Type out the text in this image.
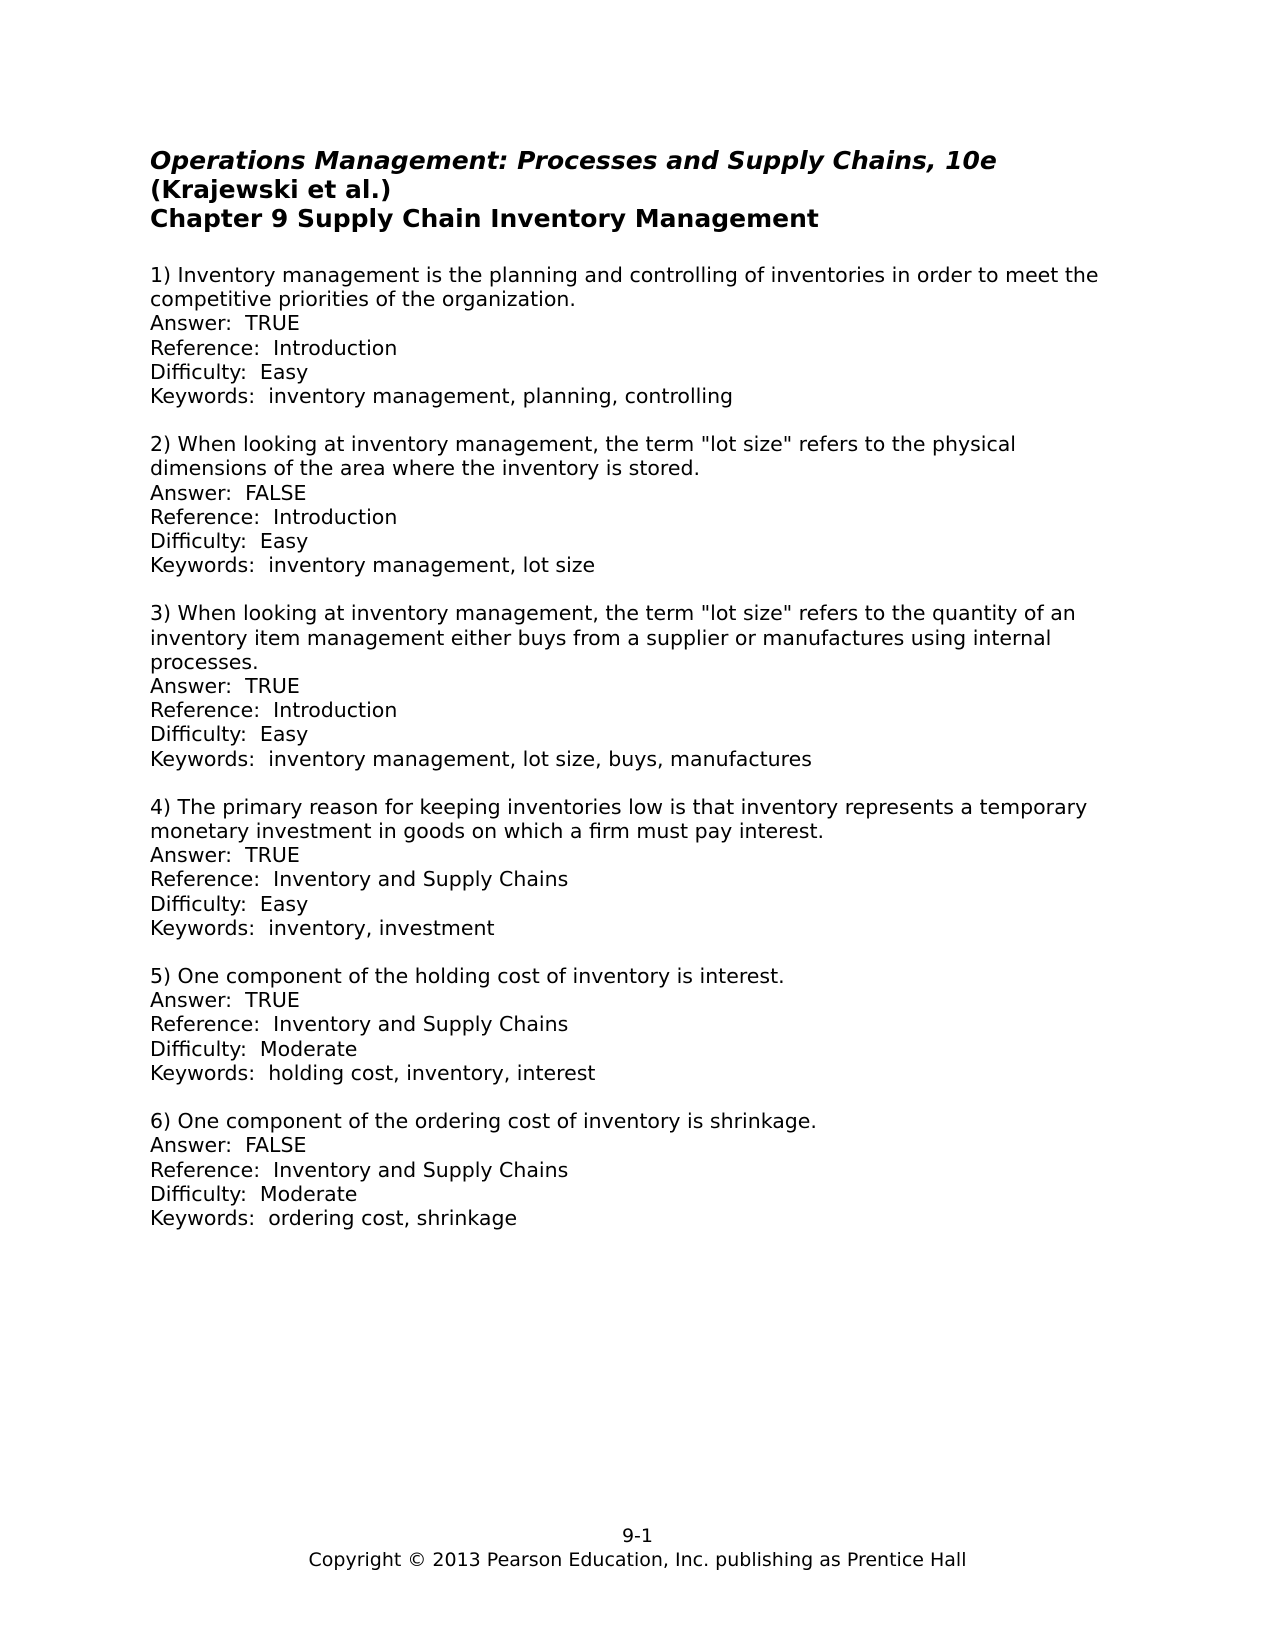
Operations Management: Processes and Supply Chains, 10e
(Krajewski et al.)
Chapter 9 Supply Chain Inventory Management
1) Inventory management is the planning and controlling of inventories in order to meet the competitive priorities of the organization.
Answer:  TRUE
Reference:  Introduction
Difficulty:  Easy
Keywords:  inventory management, planning, controlling
2) When looking at inventory management, the term "lot size" refers to the physical dimensions of the area where the inventory is stored.
Answer:  FALSE
Reference:  Introduction
Difficulty:  Easy
Keywords:  inventory management, lot size
3) When looking at inventory management, the term "lot size" refers to the quantity of an inventory item management either buys from a supplier or manufactures using internal processes.
Answer:  TRUE
Reference:  Introduction
Difficulty:  Easy
Keywords:  inventory management, lot size, buys, manufactures
4) The primary reason for keeping inventories low is that inventory represents a temporary monetary investment in goods on which a firm must pay interest.
Answer:  TRUE
Reference:  Inventory and Supply Chains
Difficulty:  Easy
Keywords:  inventory, investment
5) One component of the holding cost of inventory is interest.
Answer:  TRUE
Reference:  Inventory and Supply Chains
Difficulty:  Moderate
Keywords:  holding cost, inventory, interest
6) One component of the ordering cost of inventory is shrinkage.
Answer:  FALSE
Reference:  Inventory and Supply Chains
Difficulty:  Moderate
Keywords:  ordering cost, shrinkage
9-1
Copyright © 2013 Pearson Education, Inc. publishing as Prentice Hall
